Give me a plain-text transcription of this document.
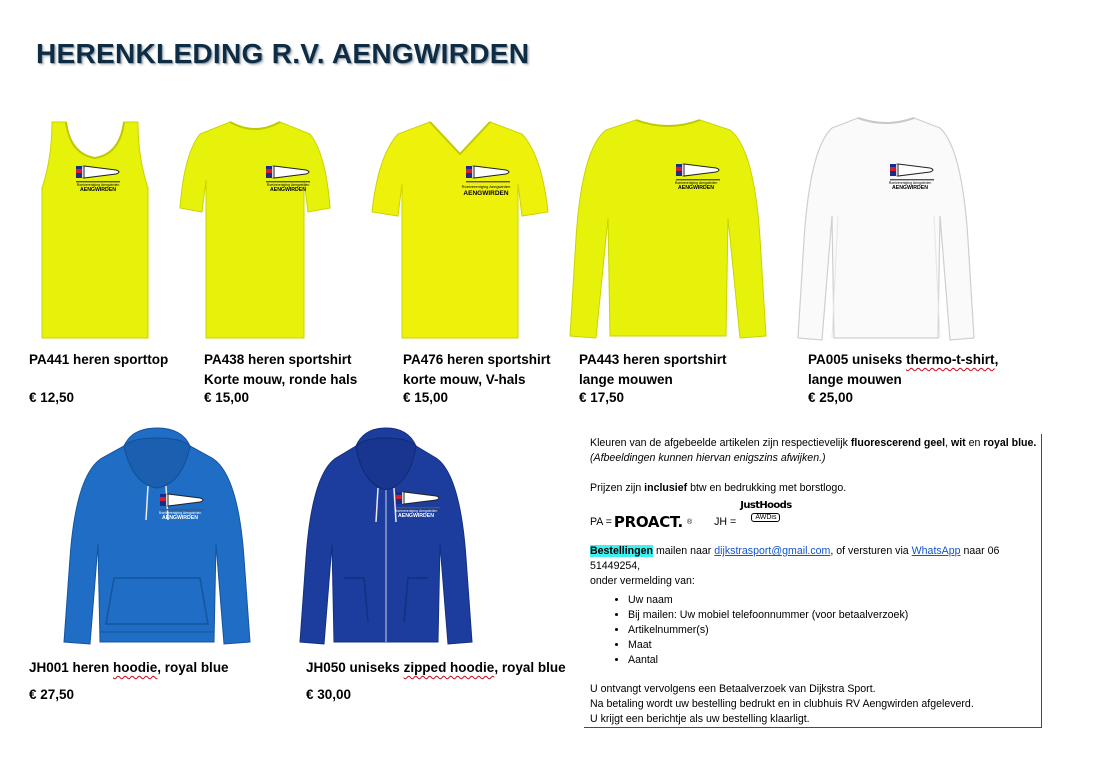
HERENKLEDING R.V. AENGWIRDEN
Roeivereniging Aengwirden
AENGWIRDEN
Roeivereniging Aengwirden
AENGWIRDEN
Roeivereniging Aengwirden
AENGWIRDEN
Roeivereniging Aengwirden
AENGWIRDEN
Roeivereniging Aengwirden
AENGWIRDEN
Roeivereniging Aengwirden
AENGWIRDEN
Roeivereniging Aengwirden
AENGWIRDEN
PA441 heren sporttop
€ 12,50
PA438 heren sportshirt
Korte mouw, ronde hals
€ 15,00
PA476 heren sportshirt
korte mouw, V-hals
€ 15,00
PA443 heren sportshirt
lange mouwen
€ 17,50
PA005 uniseks thermo-t-shirt,
lange mouwen
€ 25,00
JH001 heren hoodie, royal blue
€ 27,50
JH050 uniseks zipped hoodie, royal blue
€ 30,00

Kleuren van de afgebeelde artikelen zijn respectievelijk fluorescerend geel, wit en royal blue.

(Afbeeldingen kunnen hiervan enigszins afwijken.)

Prijzen zijn inclusief btw en bedrukking met borstlogo.

PA = PROACT. ® JH =
JustHoods
AWDis

Bestellingen mailen naar dijkstrasport@gmail.com, of versturen via WhatsApp naar 06 51449254,

onder vermelding van:

• Uw naam
• Bij mailen: Uw mobiel telefoonnummer (voor betaalverzoek)
• Artikelnummer(s)
• Maat
• Aantal

U ontvangt vervolgens een Betaalverzoek van Dijkstra Sport.

Na betaling wordt uw bestelling bedrukt en in clubhuis RV Aengwirden afgeleverd.

U krijgt een berichtje als uw bestelling klaarligt.
